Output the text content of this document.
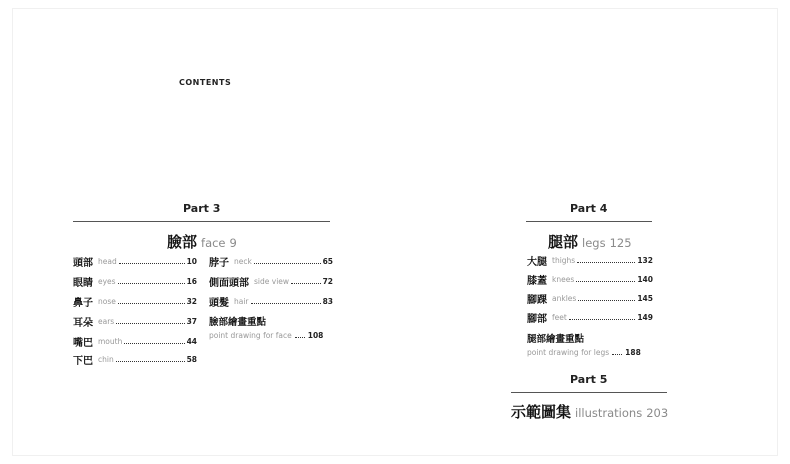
CONTENTS
Part 3
臉部 face 9
頭部 head	10
眼睛 eyes	16
鼻子 nose	32
耳朵 ears	37
嘴巴 mouth	44
下巴 chin	58
脖子 neck	65
側面頭部 side view	72
頭髮 hair	83
臉部繪畫重點
point drawing for face 108
Part 4
腿部 legs 125
大腿 thighs	132
膝蓋 knees	140
腳踝 ankles	145
腳部 feet	149
腿部繪畫重點
point drawing for legs 188
Part 5
示範圖集 illustrations 203
